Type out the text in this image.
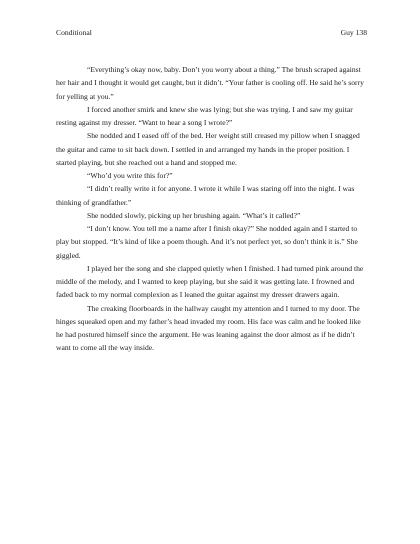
Conditional	Guy 138

“Everything’s okay now, baby. Don’t you worry about a thing.” The brush scraped against her hair and I thought it would get caught, but it didn’t. “Your father is cooling off. He said he’s sorry for yelling at you.”

I forced another smirk and knew she was lying; but she was trying. I and saw my guitar resting against my dresser. “Want to hear a song I wrote?”

She nodded and I eased off of the bed. Her weight still creased my pillow when I snagged the guitar and came to sit back down. I settled in and arranged my hands in the proper position. I started playing, but she reached out a hand and stopped me.

“Who’d you write this for?”

“I didn’t really write it for anyone. I wrote it while I was staring off into the night. I was thinking of grandfather.”

She nodded slowly, picking up her brushing again. “What’s it called?”

“I don’t know. You tell me a name after I finish okay?” She nodded again and I started to play but stopped. “It’s kind of like a poem though. And it’s not perfect yet, so don’t think it is.” She giggled.

I played her the song and she clapped quietly when I finished. I had turned pink around the middle of the melody, and I wanted to keep playing, but she said it was getting late. I frowned and faded back to my normal complexion as I leaned the guitar against my dresser drawers again.

The creaking floorboards in the hallway caught my attention and I turned to my door. The hinges squeaked open and my father’s head invaded my room. His face was calm and he looked like he had postured himself since the argument. He was leaning against the door almost as if he didn’t want to come all the way inside.
